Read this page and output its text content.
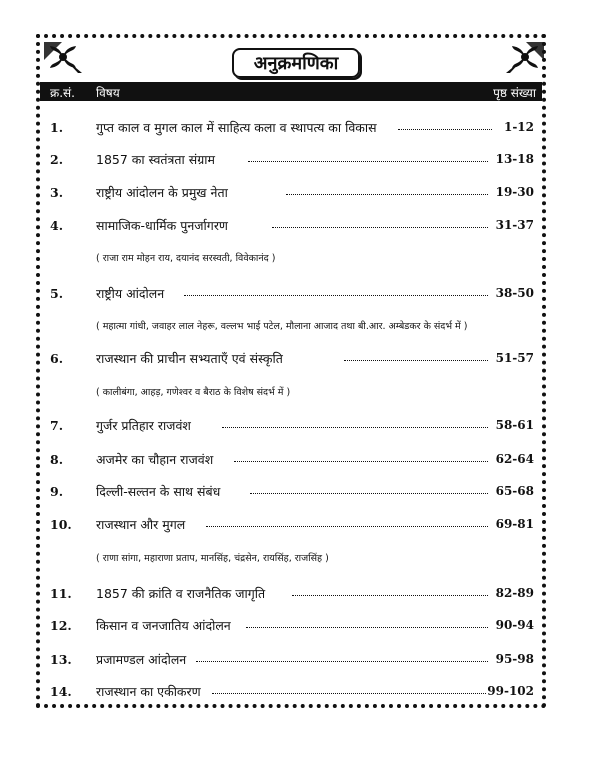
अनुक्रमणिका
क्र.सं. विषय	पृष्ठ संख्या
1.	गुप्त काल व मुगल काल में साहित्य कला व स्थापत्य का विकास	1-12
2.	1857 का स्वतंत्रता संग्राम	13-18
3.	राष्ट्रीय आंदोलन के प्रमुख नेता	19-30
4.	सामाजिक-धार्मिक पुनर्जागरण	31-37
( राजा राम मोहन राय, दयानंद सरस्वती, विवेकानंद )
5.	राष्ट्रीय आंदोलन	38-50
( महात्मा गांधी, जवाहर लाल नेहरू, वल्लभ भाई पटेल, मौलाना आजाद तथा बी.आर. अम्बेडकर के संदर्भ में )
6.	राजस्थान की प्राचीन सभ्यताएँ एवं संस्कृति	51-57
( कालीबंगा, आहड़, गणेश्वर व बैराठ के विशेष संदर्भ में )
7.	गुर्जर प्रतिहार राजवंश	58-61
8.	अजमेर का चौहान राजवंश	62-64
9.	दिल्ली-सल्तन के साथ संबंध	65-68
10. राजस्थान और मुगल	69-81
( राणा सांगा, महाराणा प्रताप, मानसिंह, चंद्रसेन, रायसिंह, राजसिंह )
11. 1857 की क्रांति व राजनैतिक जागृति	82-89
12. किसान व जनजातिय आंदोलन	90-94
13. प्रजामण्डल आंदोलन	95-98
14. राजस्थान का एकीकरण	99-102
